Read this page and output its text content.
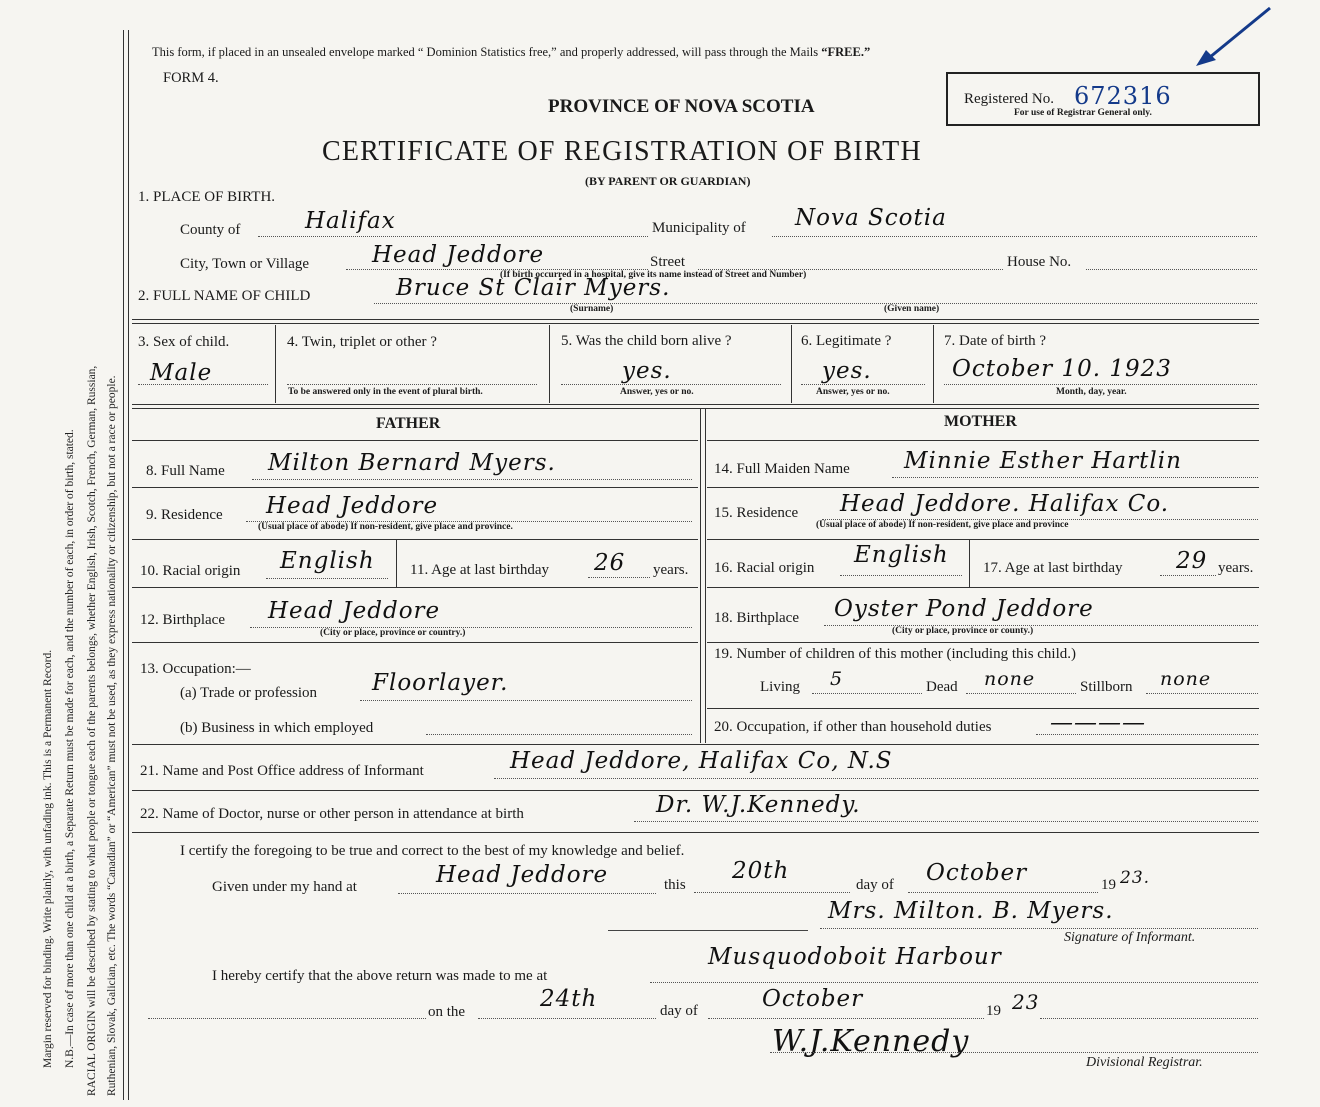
Margin reserved for binding. Write plainly, with unfading ink. This is a Permanent Record. N.B.—In case of more than one child at a birth, a Separate Return must be made for each, and the number of each, in order of birth, stated. RACIAL ORIGIN will be described by stating to what people or tongue each of the parents belongs, whether English, Irish, Scotch, French, German, Russian, Ruthenian, Slovak, Galician, etc. The words “Canadian” or “American” must not be used, as they express nationality or citizenship, but not a race or people.
This form, if placed in an unsealed envelope marked “ Dominion Statistics free,” and properly addressed, will pass through the Mails “FREE.”
FORM 4.
PROVINCE OF NOVA SCOTIA
CERTIFICATE OF REGISTRATION OF BIRTH
(BY PARENT OR GUARDIAN)
Registered No. 672316
For use of Registrar General only.
1. PLACE OF BIRTH.
County of	Halifax	Municipality of Nova Scotia
City, Town or Village	Head Jeddore	Street	House No.
(If birth occurred in a hospital, give its name instead of Street and Number)
2. FULL NAME OF CHILD	Bruce St Clair Myers.
(Surname)	(Given name)
3. Sex of child.
Male
4. Twin, triplet or other ?
To be answered only in the event of plural birth.
5. Was the child born alive ?
yes.
Answer, yes or no.
6. Legitimate ?
yes.
Answer, yes or no.
7. Date of birth ?
October 10. 1923
Month, day, year.
FATHER	MOTHER
8. Full Name Milton Bernard Myers.	14. Full Maiden Name Minnie Esther Hartlin
9. Residence Head Jeddore
(Usual place of abode) If non-resident, give place and province.
15. Residence Head Jeddore. Halifax Co.
(Usual place of abode) If non-resident, give place and province
10. Racial origin English 11. Age at last birthday 26 years. 16. Racial origin English 17. Age at last birthday 29 years.
12. Birthplace Head Jeddore
(City or place, province or country.)
18. Birthplace Oyster Pond Jeddore
(City or place, province or county.)
13. Occupation:—
(a) Trade or profession Floorlayer.
(b) Business in which employed
19. Number of children of this mother (including this child.)
Living 5	Dead none	Stillborn none
20. Occupation, if other than household duties	————
21. Name and Post Office address of Informant	Head Jeddore, Halifax Co, N.S
22. Name of Doctor, nurse or other person in attendance at birth	Dr. W.J.Kennedy.
I certify the foregoing to be true and correct to the best of my knowledge and belief.
Given under my hand at	Head Jeddore	this
20th
day of October	19 23.
Mrs. Milton. B. Myers.
Signature of Informant.
I hereby certify that the above return was made to me at
Musquodoboit Harbour
on the	24th	day of	October	19 23
W.J.Kennedy
Divisional Registrar.
